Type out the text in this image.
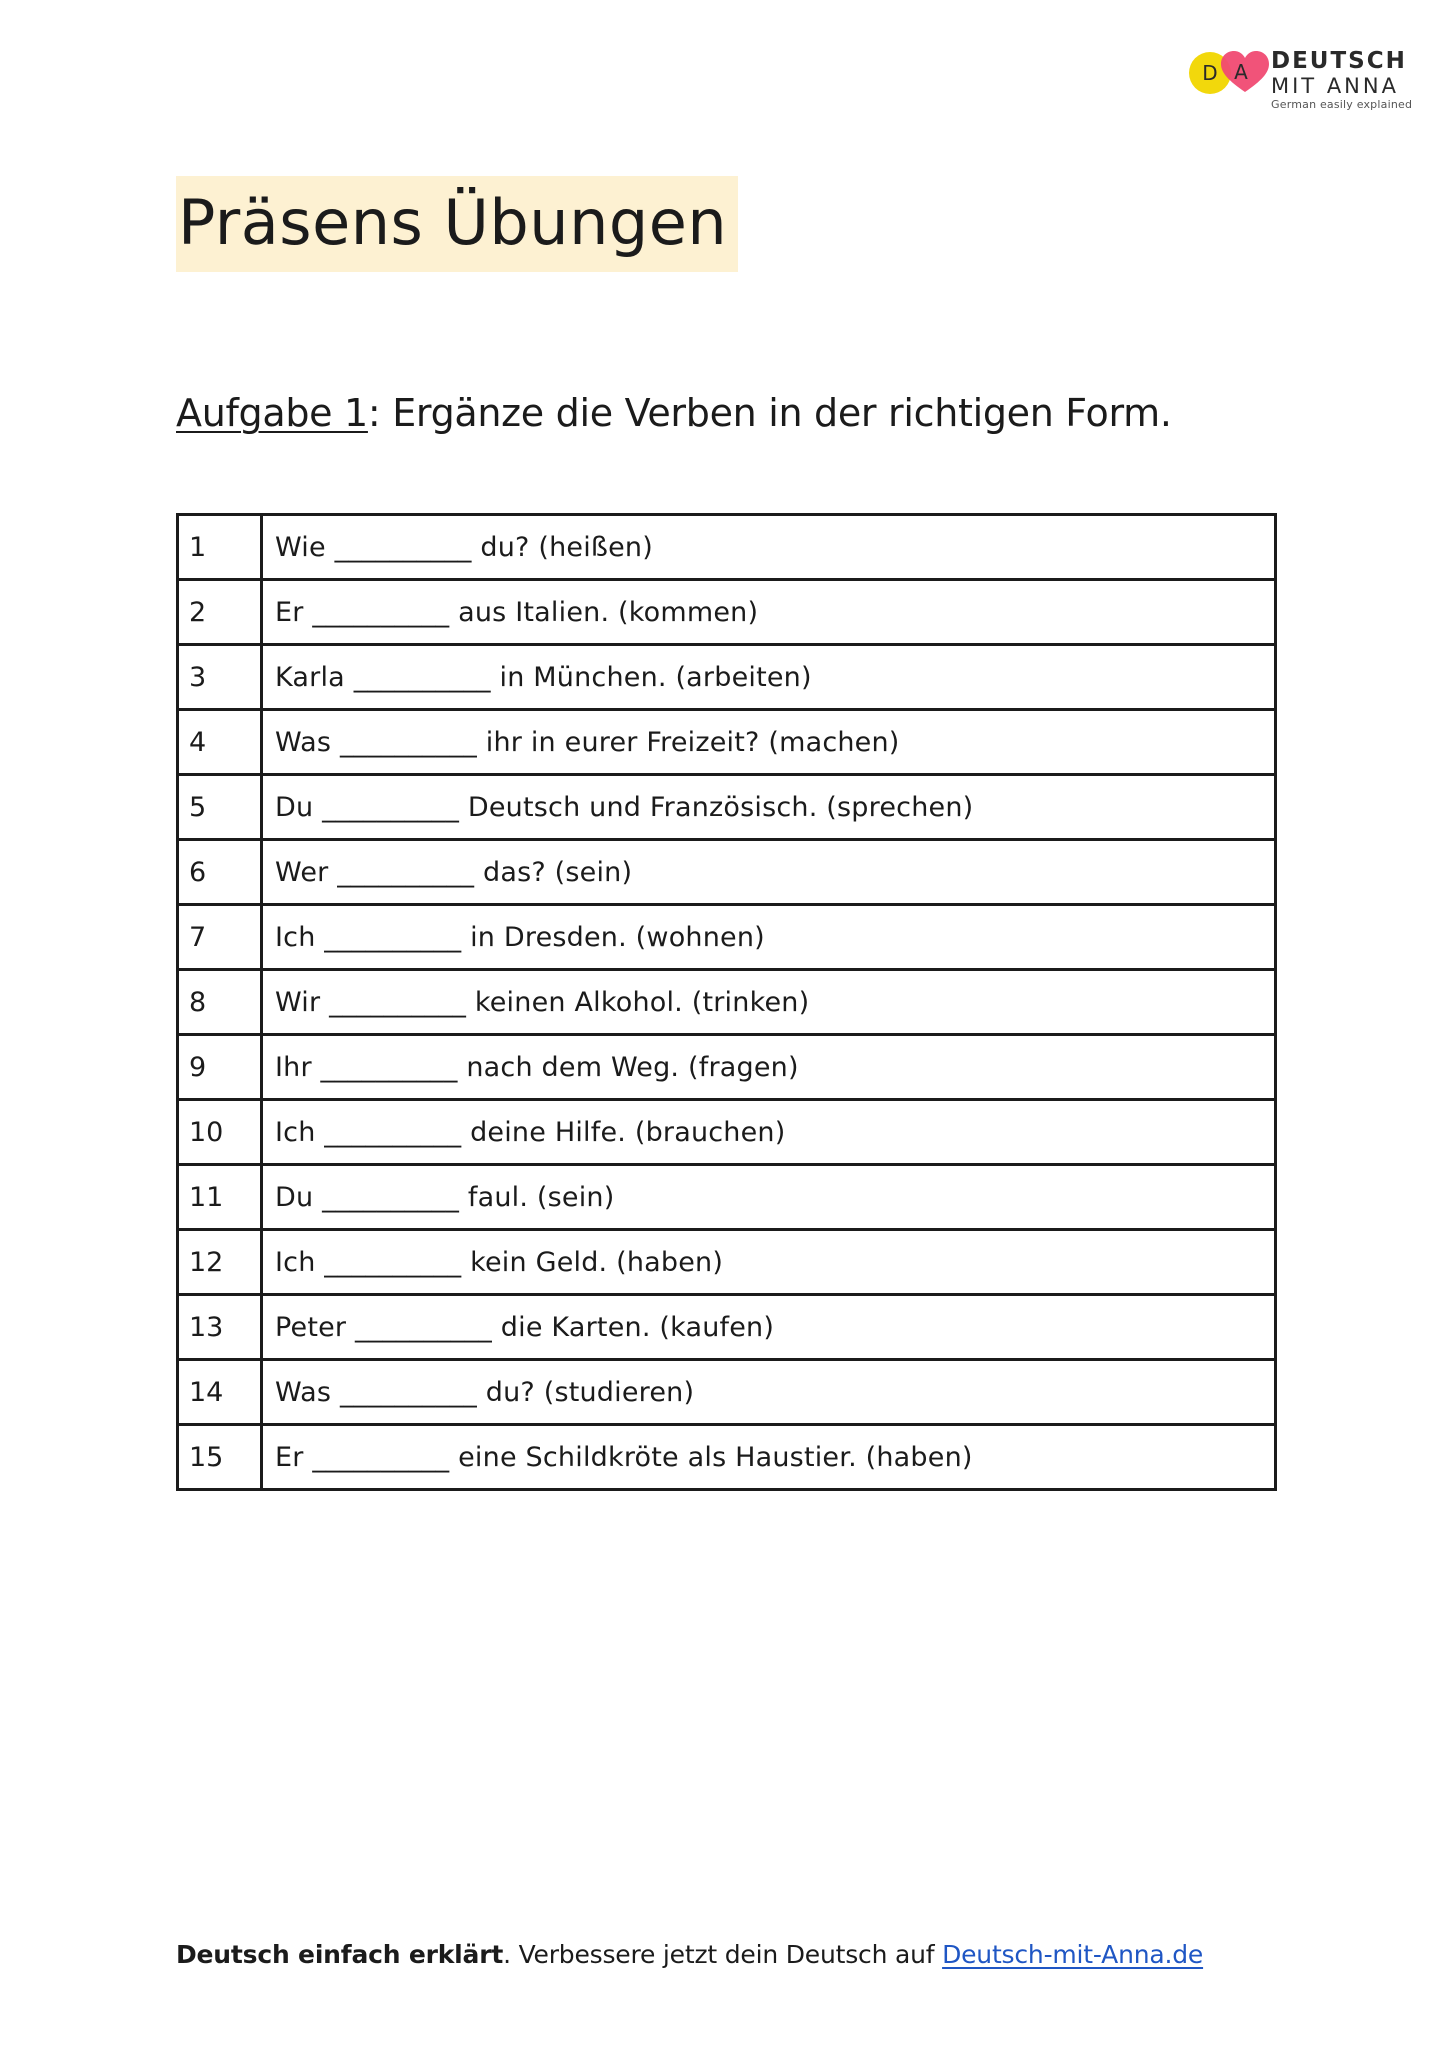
D A DEUTSCH
MIT ANNA
German easily explained
Präsens Übungen
Aufgabe 1: Ergänze die Verben in der richtigen Form.
1	Wie __________ du? (heißen)
2	Er __________ aus Italien. (kommen)
3	Karla __________ in München. (arbeiten)
4	Was __________ ihr in eurer Freizeit? (machen)
5	Du __________ Deutsch und Französisch. (sprechen)
6	Wer __________ das? (sein)
7	Ich __________ in Dresden. (wohnen)
8	Wir __________ keinen Alkohol. (trinken)
9	Ihr __________ nach dem Weg. (fragen)
10	Ich __________ deine Hilfe. (brauchen)
11	Du __________ faul. (sein)
12	Ich __________ kein Geld. (haben)
13	Peter __________ die Karten. (kaufen)
14	Was __________ du? (studieren)
15	Er __________ eine Schildkröte als Haustier. (haben)

Deutsch einfach erklärt. Verbessere jetzt dein Deutsch auf Deutsch-mit-Anna.de
